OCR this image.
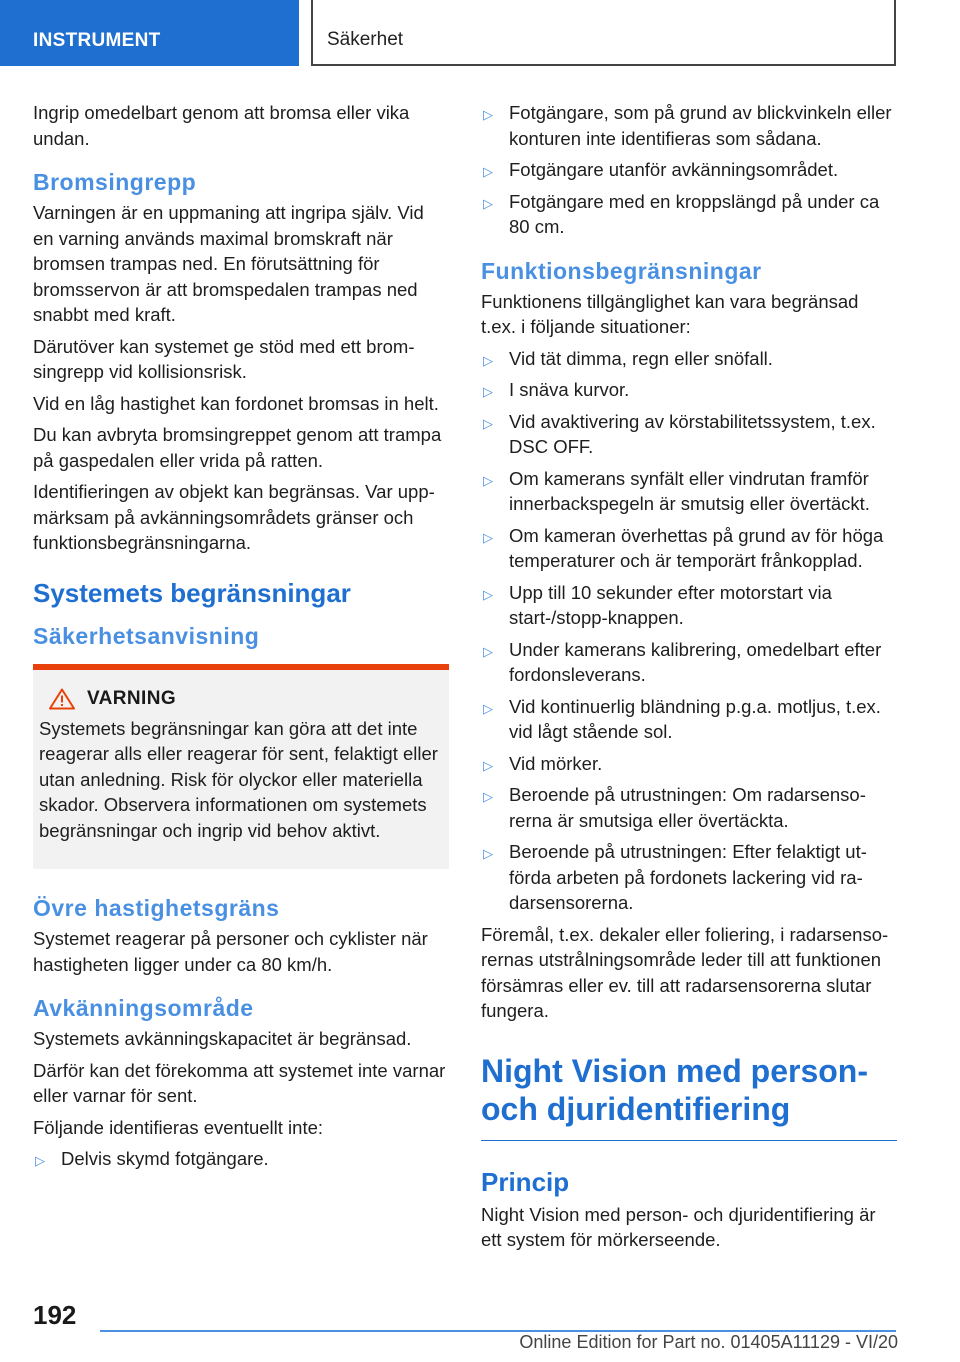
INSTRUMENT	Säkerhet

Ingrip omedelbart genom att bromsa eller vika undan.

Bromsingrepp

Varningen är en uppmaning att ingripa själv. Vid en varning används maximal bromskraft när bromsen trampas ned. En förutsättning för bromsservon är att bromspedalen trampas ned snabbt med kraft.

Därutöver kan systemet ge stöd med ett bromsingrepp vid kollisionsrisk.

Vid en låg hastighet kan fordonet bromsas in helt.

Du kan avbryta bromsingreppet genom att trampa på gaspedalen eller vrida på ratten.

Identifieringen av objekt kan begränsas. Var uppmärksam på avkänningsområdets gränser och funktionsbegränsningarna.

Systemets begränsningar
Säkerhetsanvisning
VARNING

Systemets begränsningar kan göra att det inte reagerar alls eller reagerar för sent, felaktigt eller utan anledning. Risk för olyckor eller materiella skador. Observera informationen om systemets begränsningar och ingrip vid behov aktivt.

Övre hastighetsgräns

Systemet reagerar på personer och cyklister när hastigheten ligger under ca 80 km/h.

Avkänningsområde

Systemets avkänningskapacitet är begränsad.

Därför kan det förekomma att systemet inte varnar eller varnar för sent.

Följande identifieras eventuellt inte:

▷ Delvis skymd fotgängare.
▷ Fotgängare, som på grund av blickvinkeln eller konturen inte identifieras som sådana.
▷ Fotgängare utanför avkänningsområdet.
▷ Fotgängare med en kroppslängd på under ca 80 cm.
Funktionsbegränsningar

Funktionens tillgänglighet kan vara begränsad t.ex. i följande situationer:

▷ Vid tät dimma, regn eller snöfall.
▷ I snäva kurvor.
▷ Vid avaktivering av körstabilitetssystem, t.ex. DSC OFF.
▷ Om kamerans synfält eller vindrutan framför innerbackspegeln är smutsig eller övertäckt.
▷ Om kameran överhettas på grund av för höga temperaturer och är temporärt frånkopplad.
▷ Upp till 10 sekunder efter motorstart via start-/stopp-knappen.
▷ Under kamerans kalibrering, omedelbart efter fordonsleverans.
▷ Vid kontinuerlig bländning p.g.a. motljus, t.ex. vid lågt stående sol.
▷ Vid mörker.
▷ Beroende på utrustningen: Om radarsensorerna är smutsiga eller övertäckta.
▷ Beroende på utrustningen: Efter felaktigt utförda arbeten på fordonets lackering vid radarsensorerna.

Föremål, t.ex. dekaler eller foliering, i radarsensorernas utstrålningsområde leder till att funktionen försämras eller ev. till att radarsensorerna slutar fungera.

Night Vision med personoch djuridentifiering
Princip

Night Vision med person- och djuridentifiering är ett system för mörkerseende.

192
Online Edition for Part no. 01405A11129 - VI/20
